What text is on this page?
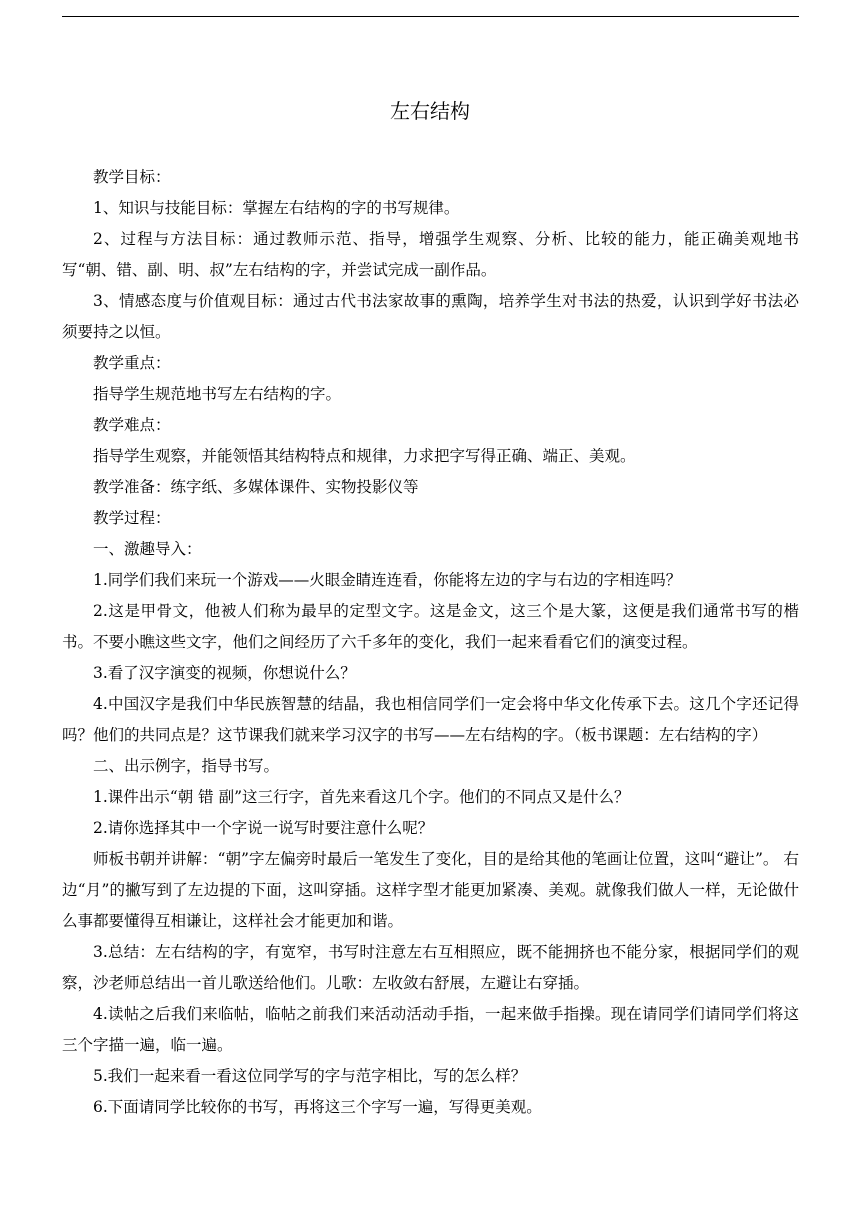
左右结构

教学目标：

1、知识与技能目标：掌握左右结构的字的书写规律。

2、过程与方法目标：通过教师示范、指导，增强学生观察、分析、比较的能力，能正确美观地书写“朝、错、副、明、叔”左右结构的字，并尝试完成一副作品。

3、情感态度与价值观目标：通过古代书法家故事的熏陶，培养学生对书法的热爱，认识到学好书法必须要持之以恒。

教学重点：

指导学生规范地书写左右结构的字。

教学难点：

指导学生观察，并能领悟其结构特点和规律，力求把字写得正确、端正、美观。

教学准备：练字纸、多媒体课件、实物投影仪等

教学过程：

一、激趣导入：

1.同学们我们来玩一个游戏——火眼金睛连连看，你能将左边的字与右边的字相连吗？

2.这是甲骨文，他被人们称为最早的定型文字。这是金文，这三个是大篆，这便是我们通常书写的楷书。不要小瞧这些文字，他们之间经历了六千多年的变化，我们一起来看看它们的演变过程。

3.看了汉字演变的视频，你想说什么？

4.中国汉字是我们中华民族智慧的结晶，我也相信同学们一定会将中华文化传承下去。这几个字还记得吗？他们的共同点是？这节课我们就来学习汉字的书写——左右结构的字。（板书课题：左右结构的字）

二、出示例字，指导书写。

1.课件出示“朝 错 副”这三行字，首先来看这几个字。他们的不同点又是什么？

2.请你选择其中一个字说一说写时要注意什么呢？

师板书朝并讲解：“朝”字左偏旁时最后一笔发生了变化，目的是给其他的笔画让位置，这叫“避让”。 右边“月”的撇写到了左边提的下面，这叫穿插。这样字型才能更加紧凑、美观。就像我们做人一样，无论做什么事都要懂得互相谦让，这样社会才能更加和谐。

3.总结：左右结构的字，有宽窄，书写时注意左右互相照应，既不能拥挤也不能分家，根据同学们的观察，沙老师总结出一首儿歌送给他们。儿歌：左收敛右舒展，左避让右穿插。

4.读帖之后我们来临帖，临帖之前我们来活动活动手指，一起来做手指操。现在请同学们请同学们将这三个字描一遍，临一遍。

5.我们一起来看一看这位同学写的字与范字相比，写的怎么样？

6.下面请同学比较你的书写，再将这三个字写一遍，写得更美观。
